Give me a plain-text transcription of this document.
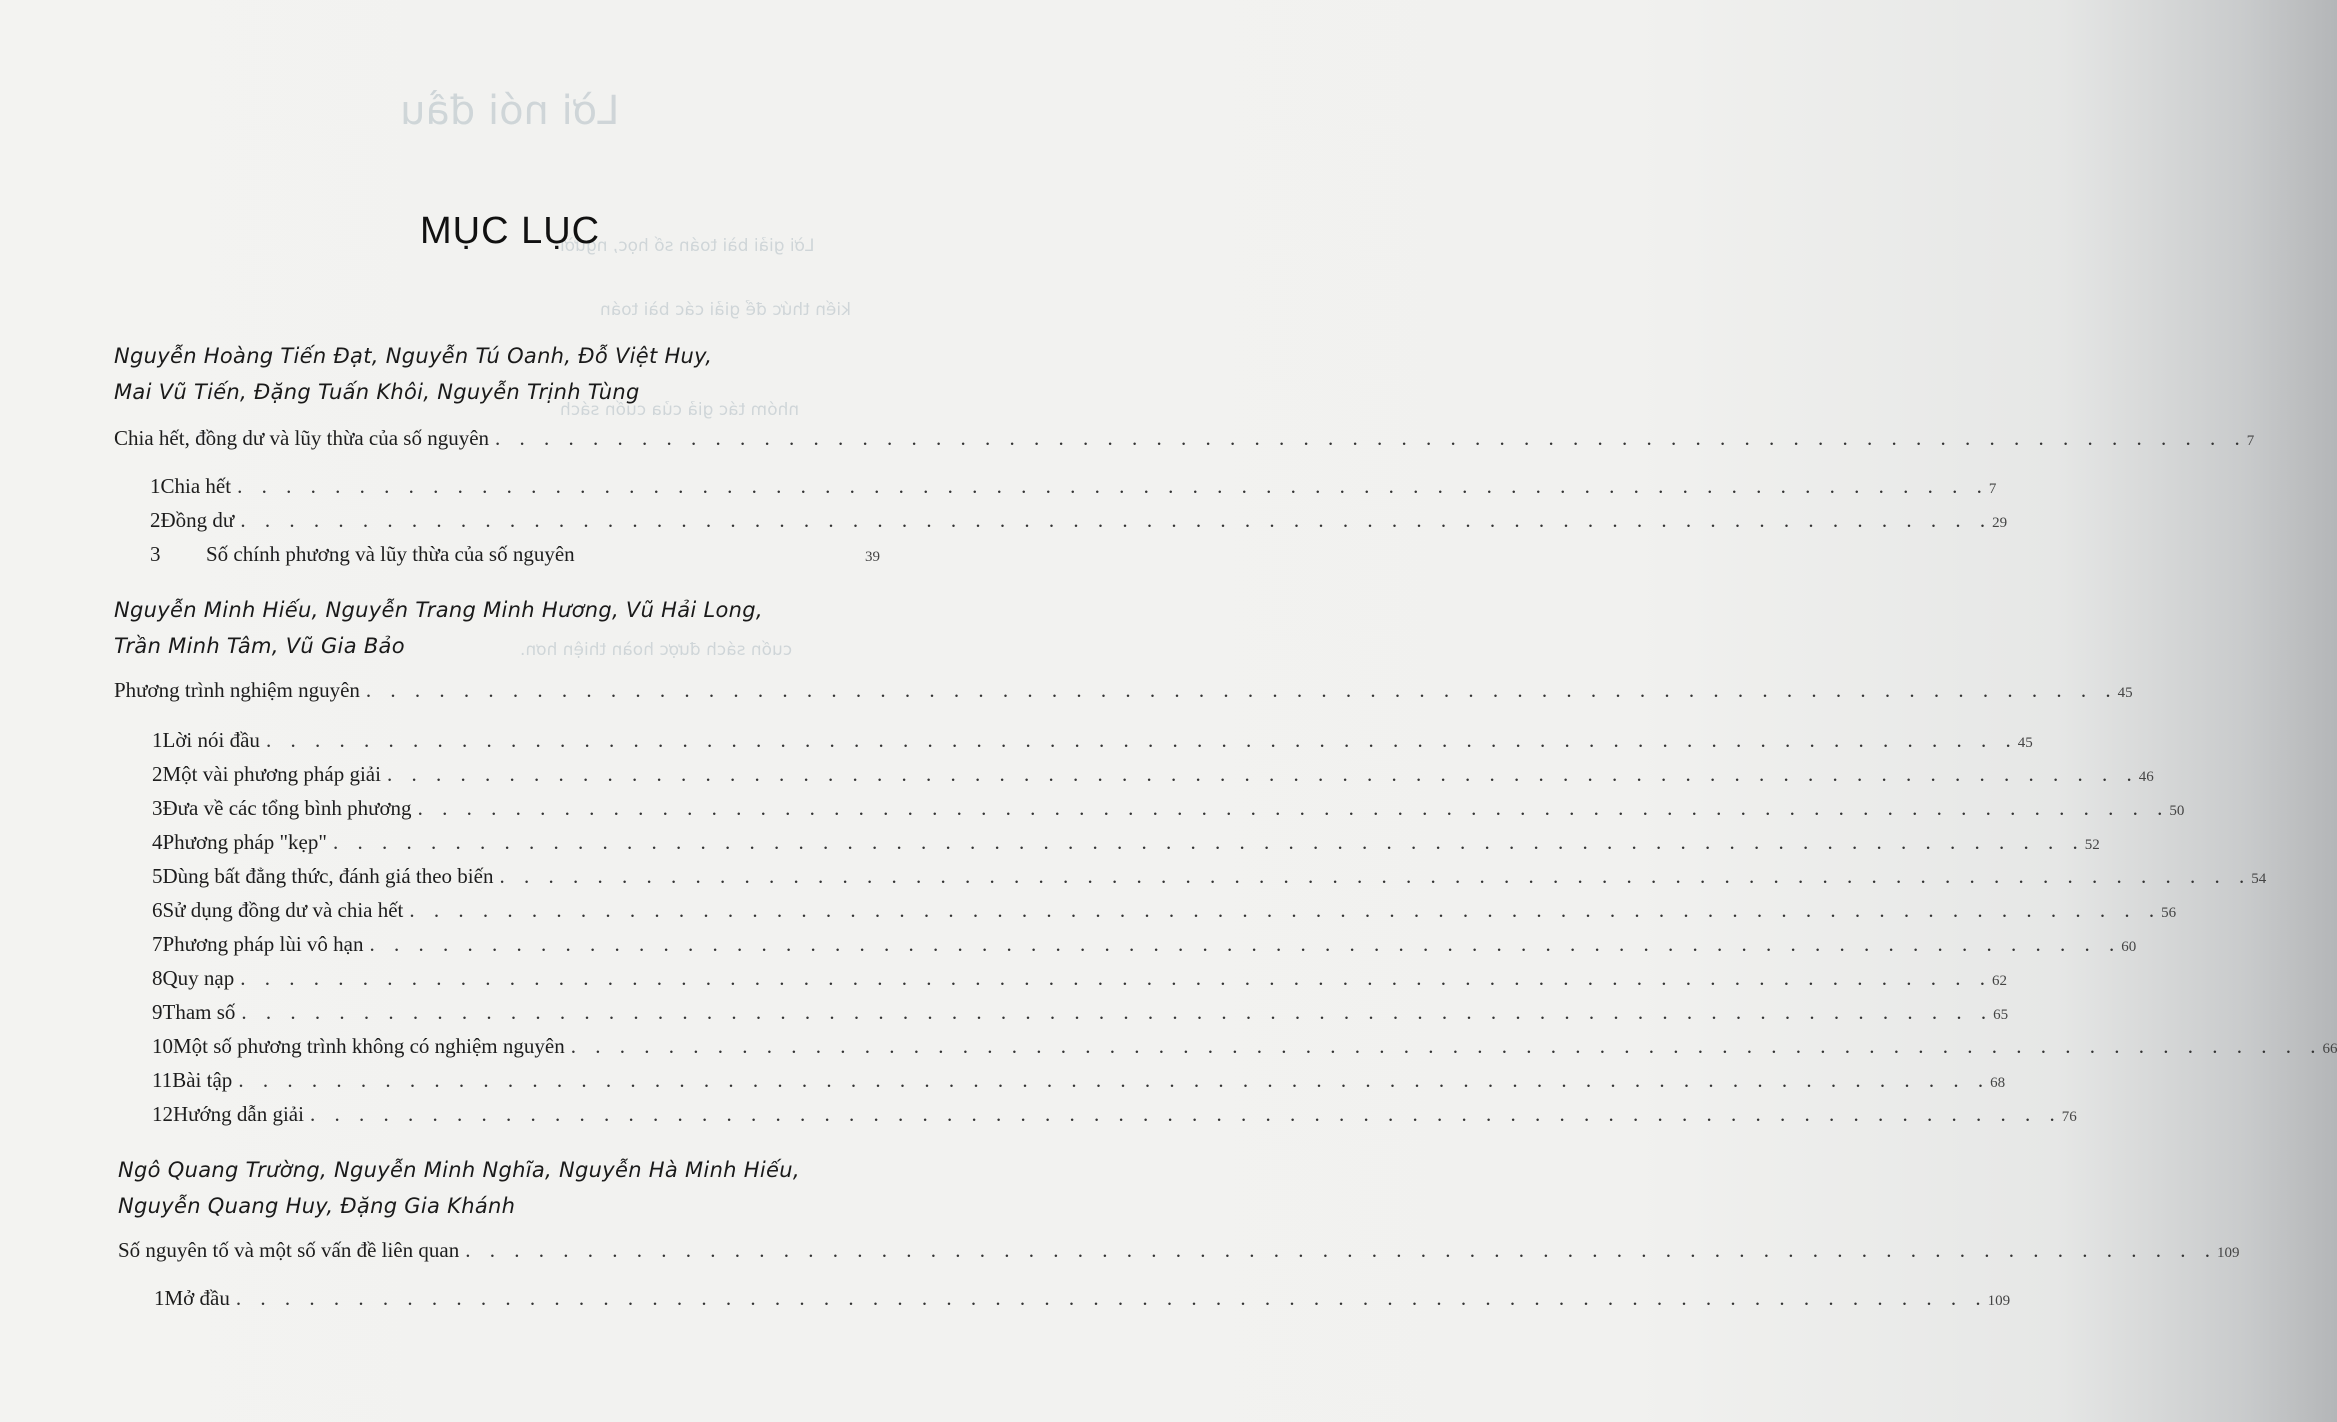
Lời nói đầu
Lời giải bài toán số học, người
kiến thức để giải các bài toán
nhóm tác giả của cuốn sách
cuốn sách được hoàn thiện hơn.
MỤC LỤC
Nguyễn Hoàng Tiến Đạt, Nguyễn Tú Oanh, Đỗ Việt Huy,
Mai Vũ Tiến, Đặng Tuấn Khôi, Nguyễn Trịnh Tùng
Chia hết, đồng dư và lũy thừa của số nguyên . . . . . . . . . . . . . . . . . . . . . . . . . . . . . . . . . . . . . . . . . . . . . . . . . . . . . . . . . . . . . . . . . . . . . . . . 7
1 Chia hết . . . . . . . . . . . . . . . . . . . . . . . . . . . . . . . . . . . . . . . . . . . . . . . . . . . . . . . . . . . . . . . . . . . . . . . . 7
2 Đồng dư . . . . . . . . . . . . . . . . . . . . . . . . . . . . . . . . . . . . . . . . . . . . . . . . . . . . . . . . . . . . . . . . . . . . . . . . 29
3	Số chính phương và lũy thừa của số nguyên	39
Nguyễn Minh Hiếu, Nguyễn Trang Minh Hương, Vũ Hải Long,
Trần Minh Tâm, Vũ Gia Bảo
Phương trình nghiệm nguyên . . . . . . . . . . . . . . . . . . . . . . . . . . . . . . . . . . . . . . . . . . . . . . . . . . . . . . . . . . . . . . . . . . . . . . . . 45
1 Lời nói đầu . . . . . . . . . . . . . . . . . . . . . . . . . . . . . . . . . . . . . . . . . . . . . . . . . . . . . . . . . . . . . . . . . . . . . . . . 45
2 Một vài phương pháp giải . . . . . . . . . . . . . . . . . . . . . . . . . . . . . . . . . . . . . . . . . . . . . . . . . . . . . . . . . . . . . . . . . . . . . . . . 46
3 Đưa về các tổng bình phương . . . . . . . . . . . . . . . . . . . . . . . . . . . . . . . . . . . . . . . . . . . . . . . . . . . . . . . . . . . . . . . . . . . . . . . . 50
4 Phương pháp "kẹp" . . . . . . . . . . . . . . . . . . . . . . . . . . . . . . . . . . . . . . . . . . . . . . . . . . . . . . . . . . . . . . . . . . . . . . . . 52
5 Dùng bất đẳng thức, đánh giá theo biến . . . . . . . . . . . . . . . . . . . . . . . . . . . . . . . . . . . . . . . . . . . . . . . . . . . . . . . . . . . . . . . . . . . . . . . . 54
6 Sử dụng đồng dư và chia hết . . . . . . . . . . . . . . . . . . . . . . . . . . . . . . . . . . . . . . . . . . . . . . . . . . . . . . . . . . . . . . . . . . . . . . . . 56
7 Phương pháp lùi vô hạn . . . . . . . . . . . . . . . . . . . . . . . . . . . . . . . . . . . . . . . . . . . . . . . . . . . . . . . . . . . . . . . . . . . . . . . . 60
8 Quy nạp . . . . . . . . . . . . . . . . . . . . . . . . . . . . . . . . . . . . . . . . . . . . . . . . . . . . . . . . . . . . . . . . . . . . . . . . 62
9 Tham số . . . . . . . . . . . . . . . . . . . . . . . . . . . . . . . . . . . . . . . . . . . . . . . . . . . . . . . . . . . . . . . . . . . . . . . . 65
10 Một số phương trình không có nghiệm nguyên . . . . . . . . . . . . . . . . . . . . . . . . . . . . . . . . . . . . . . . . . . . . . . . . . . . . . . . . . . . . . . . . . . . . . . . . 66
11 Bài tập . . . . . . . . . . . . . . . . . . . . . . . . . . . . . . . . . . . . . . . . . . . . . . . . . . . . . . . . . . . . . . . . . . . . . . . . 68
12 Hướng dẫn giải . . . . . . . . . . . . . . . . . . . . . . . . . . . . . . . . . . . . . . . . . . . . . . . . . . . . . . . . . . . . . . . . . . . . . . . . 76
Ngô Quang Trường, Nguyễn Minh Nghĩa, Nguyễn Hà Minh Hiếu,
Nguyễn Quang Huy, Đặng Gia Khánh
Số nguyên tố và một số vấn đề liên quan . . . . . . . . . . . . . . . . . . . . . . . . . . . . . . . . . . . . . . . . . . . . . . . . . . . . . . . . . . . . . . . . . . . . . . . . 109
1 Mở đầu . . . . . . . . . . . . . . . . . . . . . . . . . . . . . . . . . . . . . . . . . . . . . . . . . . . . . . . . . . . . . . . . . . . . . . . . 109
